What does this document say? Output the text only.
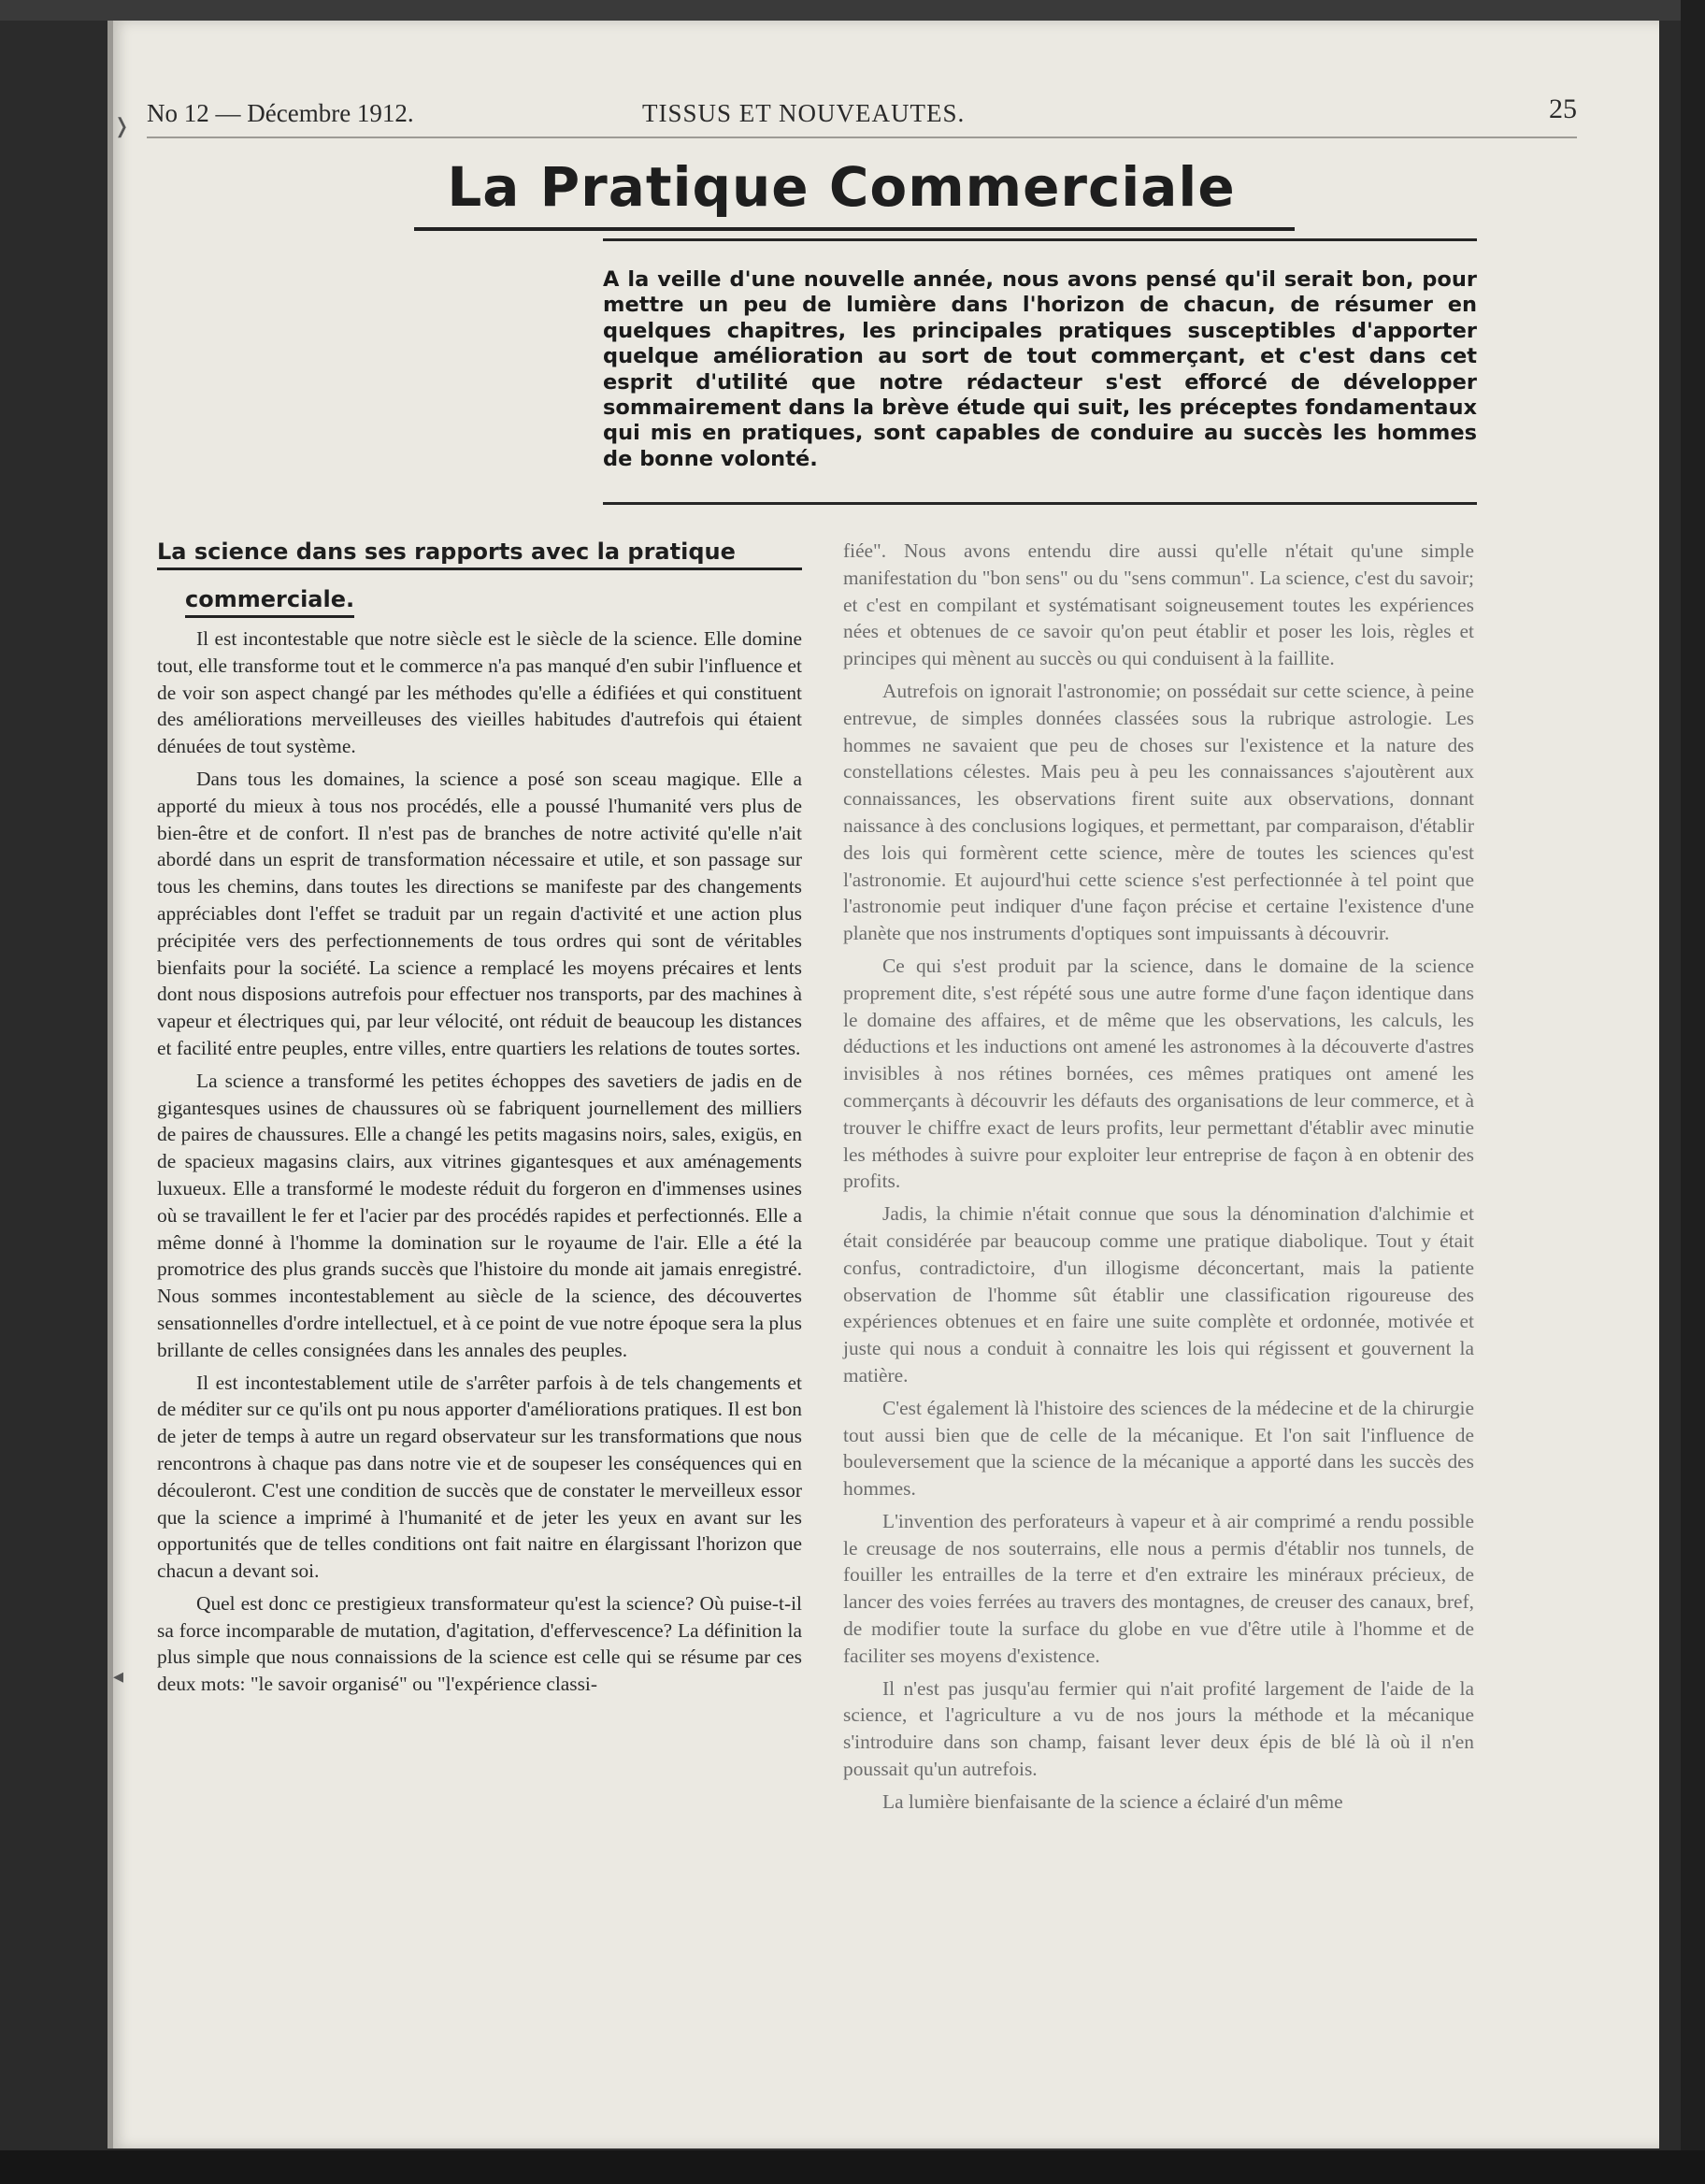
❭
◂
No 12 — Décembre 1912.	TISSUS ET NOUVEAUTES.	25
La Pratique Commerciale

A la veille d'une nouvelle année, nous avons pensé qu'il serait bon, pour mettre un peu de lumière dans l'horizon de chacun, de résumer en quelques chapitres, les principales pratiques susceptibles d'apporter quelque amélioration au sort de tout commerçant, et c'est dans cet esprit d'utilité que notre rédacteur s'est efforcé de développer sommairement dans la brève étude qui suit, les préceptes fondamentaux qui mis en pratiques, sont capables de conduire au succès les hommes de bonne volonté.

La science dans ses rapports avec la pratique
commerciale.

Il est incontestable que notre siècle est le siècle de la science. Elle domine tout, elle transforme tout et le commerce n'a pas manqué d'en subir l'influence et de voir son aspect changé par les méthodes qu'elle a édifiées et qui constituent des améliorations merveilleuses des vieilles habitudes d'autrefois qui étaient dénuées de tout système.

Dans tous les domaines, la science a posé son sceau magique. Elle a apporté du mieux à tous nos procédés, elle a poussé l'humanité vers plus de bien-être et de confort. Il n'est pas de branches de notre activité qu'elle n'ait abordé dans un esprit de transformation nécessaire et utile, et son passage sur tous les chemins, dans toutes les directions se manifeste par des changements appréciables dont l'effet se traduit par un regain d'activité et une action plus précipitée vers des perfectionnements de tous ordres qui sont de véritables bienfaits pour la société. La science a remplacé les moyens précaires et lents dont nous disposions autrefois pour effectuer nos transports, par des machines à vapeur et électriques qui, par leur vélocité, ont réduit de beaucoup les distances et facilité entre peuples, entre villes, entre quartiers les relations de toutes sortes.

La science a transformé les petites échoppes des savetiers de jadis en de gigantesques usines de chaussures où se fabriquent journellement des milliers de paires de chaussures. Elle a changé les petits magasins noirs, sales, exigüs, en de spacieux magasins clairs, aux vitrines gigantesques et aux aménagements luxueux. Elle a transformé le modeste réduit du forgeron en d'immenses usines où se travaillent le fer et l'acier par des procédés rapides et perfectionnés. Elle a même donné à l'homme la domination sur le royaume de l'air. Elle a été la promotrice des plus grands succès que l'histoire du monde ait jamais enregistré. Nous sommes incontestablement au siècle de la science, des découvertes sensationnelles d'ordre intellectuel, et à ce point de vue notre époque sera la plus brillante de celles consignées dans les annales des peuples.

Il est incontestablement utile de s'arrêter parfois à de tels changements et de méditer sur ce qu'ils ont pu nous apporter d'améliorations pratiques. Il est bon de jeter de temps à autre un regard observateur sur les transformations que nous rencontrons à chaque pas dans notre vie et de soupeser les conséquences qui en découleront. C'est une condition de succès que de constater le merveilleux essor que la science a imprimé à l'humanité et de jeter les yeux en avant sur les opportunités que de telles conditions ont fait naitre en élargissant l'horizon que chacun a devant soi.

Quel est donc ce prestigieux transformateur qu'est la science? Où puise-t-il sa force incomparable de mutation, d'agitation, d'effervescence? La définition la plus simple que nous connaissions de la science est celle qui se résume par ces deux mots: "le savoir organisé" ou "l'expérience classi-

fiée". Nous avons entendu dire aussi qu'elle n'était qu'une simple manifestation du "bon sens" ou du "sens commun". La science, c'est du savoir; et c'est en compilant et systématisant soigneusement toutes les expériences nées et obtenues de ce savoir qu'on peut établir et poser les lois, règles et principes qui mènent au succès ou qui conduisent à la faillite.

Autrefois on ignorait l'astronomie; on possédait sur cette science, à peine entrevue, de simples données classées sous la rubrique astrologie. Les hommes ne savaient que peu de choses sur l'existence et la nature des constellations célestes. Mais peu à peu les connaissances s'ajoutèrent aux connaissances, les observations firent suite aux observations, donnant naissance à des conclusions logiques, et permettant, par comparaison, d'établir des lois qui formèrent cette science, mère de toutes les sciences qu'est l'astronomie. Et aujourd'hui cette science s'est perfectionnée à tel point que l'astronomie peut indiquer d'une façon précise et certaine l'existence d'une planète que nos instruments d'optiques sont impuissants à découvrir.

Ce qui s'est produit par la science, dans le domaine de la science proprement dite, s'est répété sous une autre forme d'une façon identique dans le domaine des affaires, et de même que les observations, les calculs, les déductions et les inductions ont amené les astronomes à la découverte d'astres invisibles à nos rétines bornées, ces mêmes pratiques ont amené les commerçants à découvrir les défauts des organisations de leur commerce, et à trouver le chiffre exact de leurs profits, leur permettant d'établir avec minutie les méthodes à suivre pour exploiter leur entreprise de façon à en obtenir des profits.

Jadis, la chimie n'était connue que sous la dénomination d'alchimie et était considérée par beaucoup comme une pratique diabolique. Tout y était confus, contradictoire, d'un illogisme déconcertant, mais la patiente observation de l'homme sût établir une classification rigoureuse des expériences obtenues et en faire une suite complète et ordonnée, motivée et juste qui nous a conduit à connaitre les lois qui régissent et gouvernent la matière.

C'est également là l'histoire des sciences de la médecine et de la chirurgie tout aussi bien que de celle de la mécanique. Et l'on sait l'influence de bouleversement que la science de la mécanique a apporté dans les succès des hommes.

L'invention des perforateurs à vapeur et à air comprimé a rendu possible le creusage de nos souterrains, elle nous a permis d'établir nos tunnels, de fouiller les entrailles de la terre et d'en extraire les minéraux précieux, de lancer des voies ferrées au travers des montagnes, de creuser des canaux, bref, de modifier toute la surface du globe en vue d'être utile à l'homme et de faciliter ses moyens d'existence.

Il n'est pas jusqu'au fermier qui n'ait profité largement de l'aide de la science, et l'agriculture a vu de nos jours la méthode et la mécanique s'introduire dans son champ, faisant lever deux épis de blé là où il n'en poussait qu'un autrefois.

La lumière bienfaisante de la science a éclairé d'un même
